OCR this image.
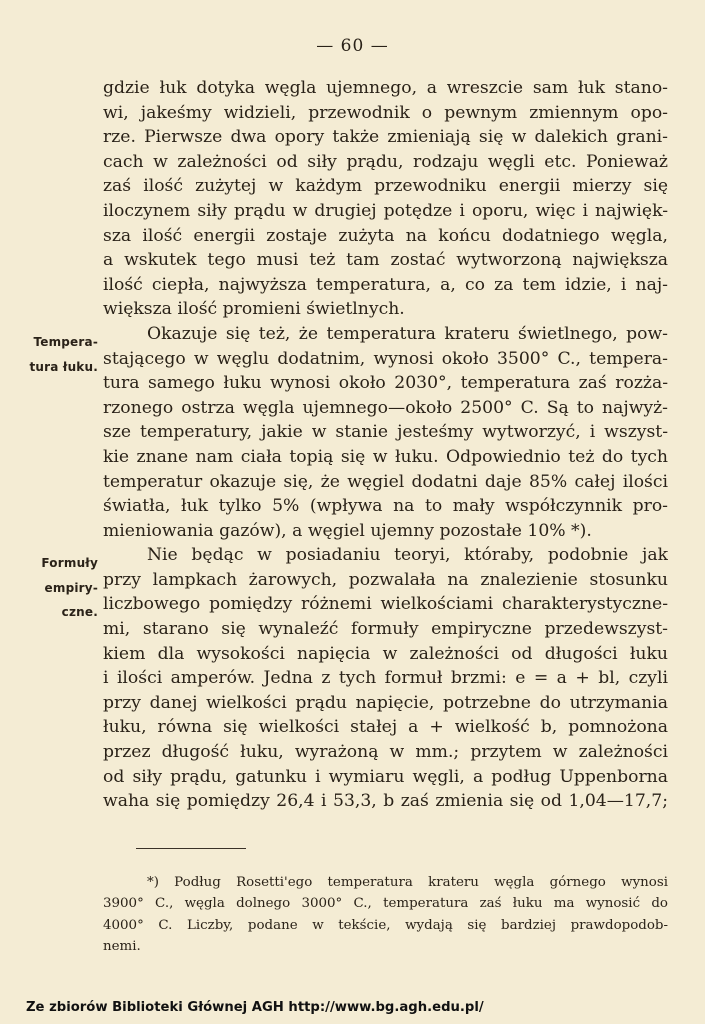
— 60 —
Tempera-
tura łuku.
Formuły
empiry-
czne.
gdzie łuk dotyka węgla ujemnego, a wreszcie sam łuk stano-
wi, jakeśmy widzieli, przewodnik o pewnym zmiennym opo-
rze. Pierwsze dwa opory także zmieniają się w dalekich grani-
cach w zależności od siły prądu, rodzaju węgli etc. Ponieważ
zaś ilość zużytej w każdym przewodniku energii mierzy się
iloczynem siły prądu w drugiej potędze i oporu, więc i najwięk-
sza ilość energii zostaje zużyta na końcu dodatniego węgla,
a wskutek tego musi też tam zostać wytworzoną największa
ilość ciepła, najwyższa temperatura, a, co za tem idzie, i naj-
większa ilość promieni świetlnych.
Okazuje się też, że temperatura krateru świetlnego, pow-
stającego w węglu dodatnim, wynosi około 3500° C., tempera-
tura samego łuku wynosi około 2030°, temperatura zaś rozża-
rzonego ostrza węgla ujemnego—około 2500° C. Są to najwyż-
sze temperatury, jakie w stanie jesteśmy wytworzyć, i wszyst-
kie znane nam ciała topią się w łuku. Odpowiednio też do tych
temperatur okazuje się, że węgiel dodatni daje 85% całej ilości
światła, łuk tylko 5% (wpływa na to mały współczynnik pro-
mieniowania gazów), a węgiel ujemny pozostałe 10% *).
Nie będąc w posiadaniu teoryi, któraby, podobnie jak
przy lampkach żarowych, pozwalała na znalezienie stosunku
liczbowego pomiędzy różnemi wielkościami charakterystyczne-
mi, starano się wynaleźć formuły empiryczne przedewszyst-
kiem dla wysokości napięcia w zależności od długości łuku
i ilości amperów. Jedna z tych formuł brzmi: e = a + bl, czyli
przy danej wielkości prądu napięcie, potrzebne do utrzymania
łuku, równa się wielkości stałej a + wielkość b, pomnożona
przez długość łuku, wyrażoną w mm.; przytem w zależności
od siły prądu, gatunku i wymiaru węgli, a podług Uppenborna
waha się pomiędzy 26,4 i 53,3, b zaś zmienia się od 1,04—17,7;
*) Podług Rosetti'ego temperatura krateru węgla górnego wynosi
3900° C., węgla dolnego 3000° C., temperatura zaś łuku ma wynosić do
4000° C. Liczby, podane w tekście, wydają się bardziej prawdopodob-
nemi.
Ze zbiorów Biblioteki Głównej AGH http://www.bg.agh.edu.pl/
